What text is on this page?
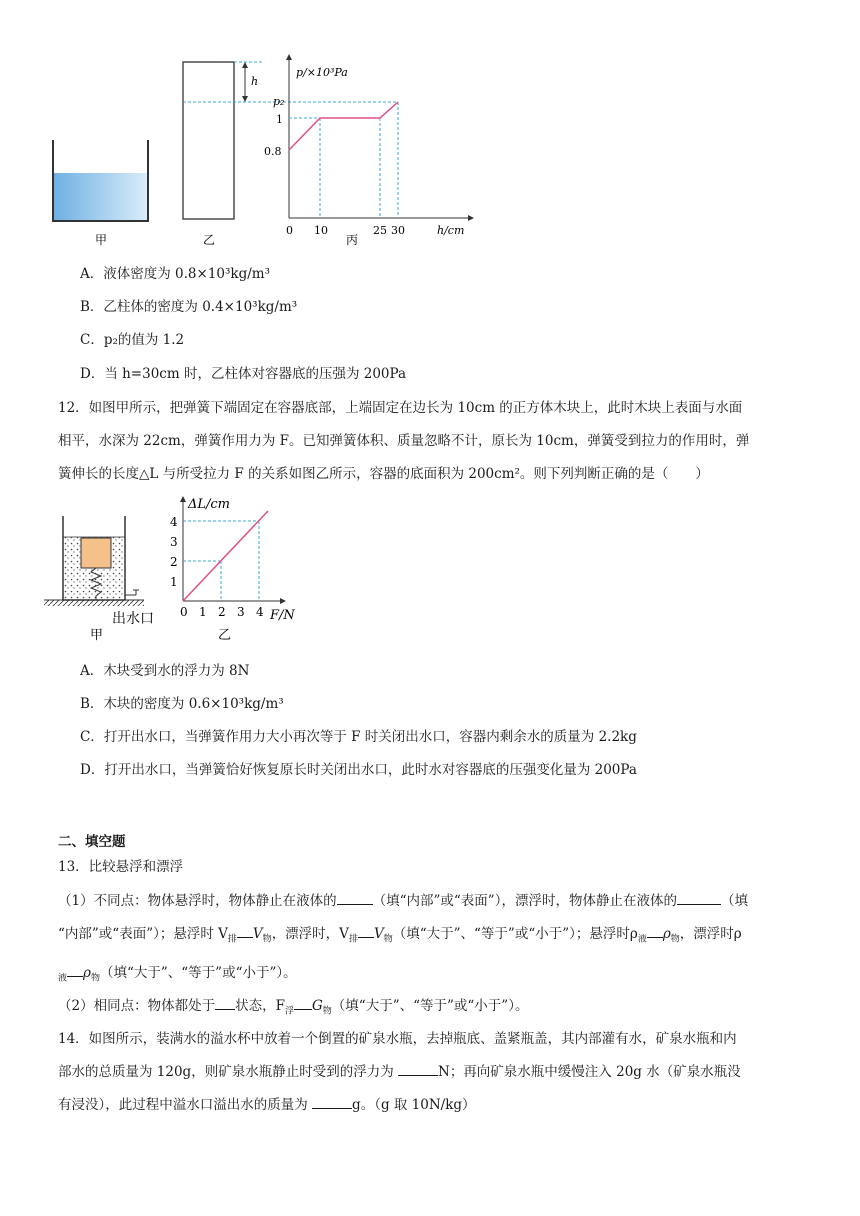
甲	乙
h
p/×10³Pa
h/cm
p₂
1
0.8
0 10	25 30
丙
A．液体密度为 0.8×10³kg/m³
B．乙柱体的密度为 0.4×10³kg/m³
C．p₂的值为 1.2
D．当 h=30cm 时，乙柱体对容器底的压强为 200Pa
12．如图甲所示，把弹簧下端固定在容器底部，上端固定在边长为 10cm 的正方体木块上，此时木块上表面与水面
相平，水深为 22cm，弹簧作用力为 F。已知弹簧体积、质量忽略不计，原长为 10cm，弹簧受到拉力的作用时，弹
簧伸长的长度△L 与所受拉力 F 的关系如图乙所示，容器的底面积为 200cm²。则下列判断正确的是（　　）
出水口
甲
ΔL/cm
F/N
4
3
2
1
0 1 2 3 4
乙
A．木块受到水的浮力为 8N
B．木块的密度为 0.6×10³kg/m³
C．打开出水口，当弹簧作用力大小再次等于 F 时关闭出水口，容器内剩余水的质量为 2.2kg
D．打开出水口，当弹簧恰好恢复原长时关闭出水口，此时水对容器底的压强变化量为 200Pa
二、填空题
13．比较悬浮和漂浮
（1）不同点：物体悬浮时，物体静止在液体的	（填“内部”或“表面”），漂浮时，物体静止在液体的	（填
“内部”或“表面”）；悬浮时 $V_排$ $V_物$，漂浮时，$V_排$ $V_物$（填“大于”、“等于”或“小于”）；悬浮时$\rho_液$ $\rho_物$，漂浮时ρ
$_液$ $\rho_物$（填“大于”、“等于”或“小于”）。
（2）相同点：物体都处于 状态，$F_浮$ $G_物$（填“大于”、“等于”或“小于”）。
14．如图所示，装满水的溢水杯中放着一个倒置的矿泉水瓶，去掉瓶底、盖紧瓶盖，其内部灌有水，矿泉水瓶和内
部水的总质量为 120g，则矿泉水瓶静止时受到的浮力为	N；再向矿泉水瓶中缓慢注入 20g 水（矿泉水瓶没
有浸没），此过程中溢水口溢出水的质量为	g。（g 取 10N/kg）
